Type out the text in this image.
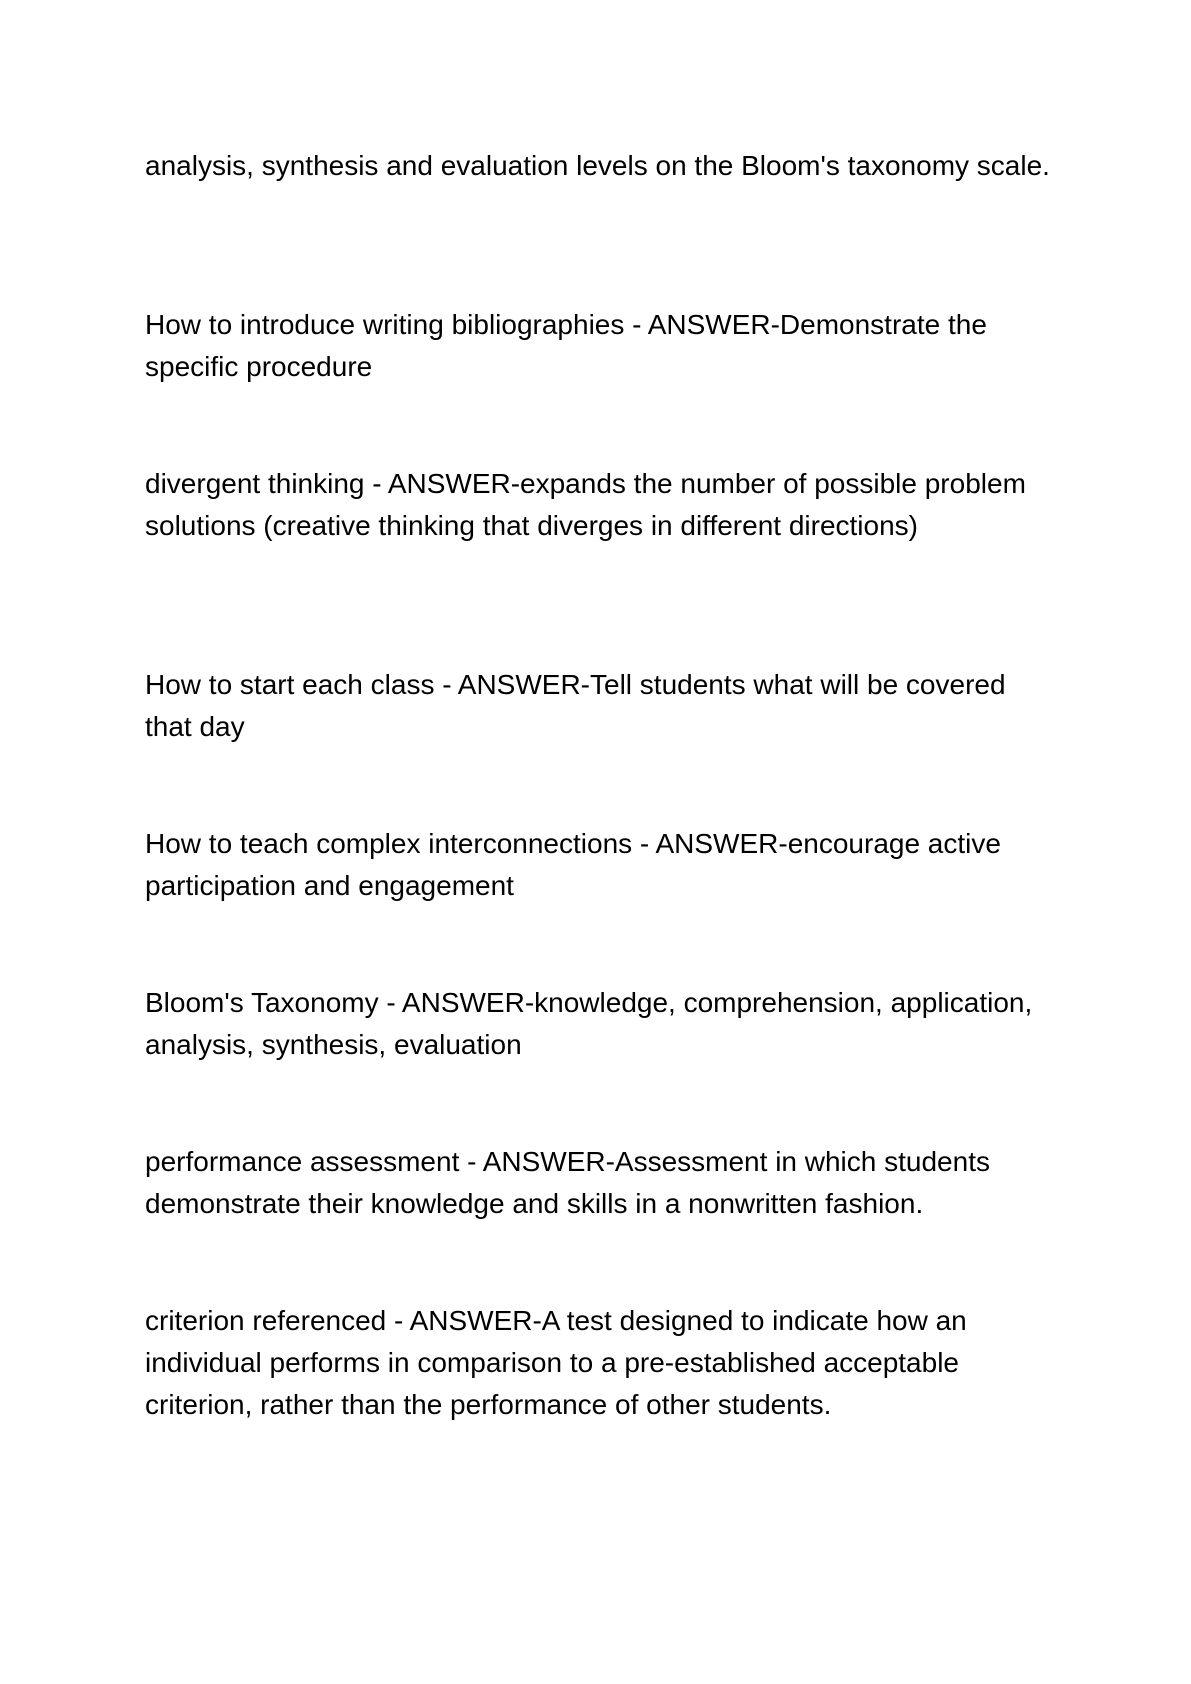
analysis, synthesis and evaluation levels on the Bloom's taxonomy scale.

How to introduce writing bibliographies - ANSWER-Demonstrate the specific procedure

divergent thinking - ANSWER-expands the number of possible problem solutions (creative thinking that diverges in different directions)

How to start each class - ANSWER-Tell students what will be covered that day

How to teach complex interconnections - ANSWER-encourage active participation and engagement

Bloom's Taxonomy - ANSWER-knowledge, comprehension, application, analysis, synthesis, evaluation

performance assessment - ANSWER-Assessment in which students demonstrate their knowledge and skills in a nonwritten fashion.

criterion referenced - ANSWER-A test designed to indicate how an individual performs in comparison to a pre-established acceptable criterion, rather than the performance of other students.
